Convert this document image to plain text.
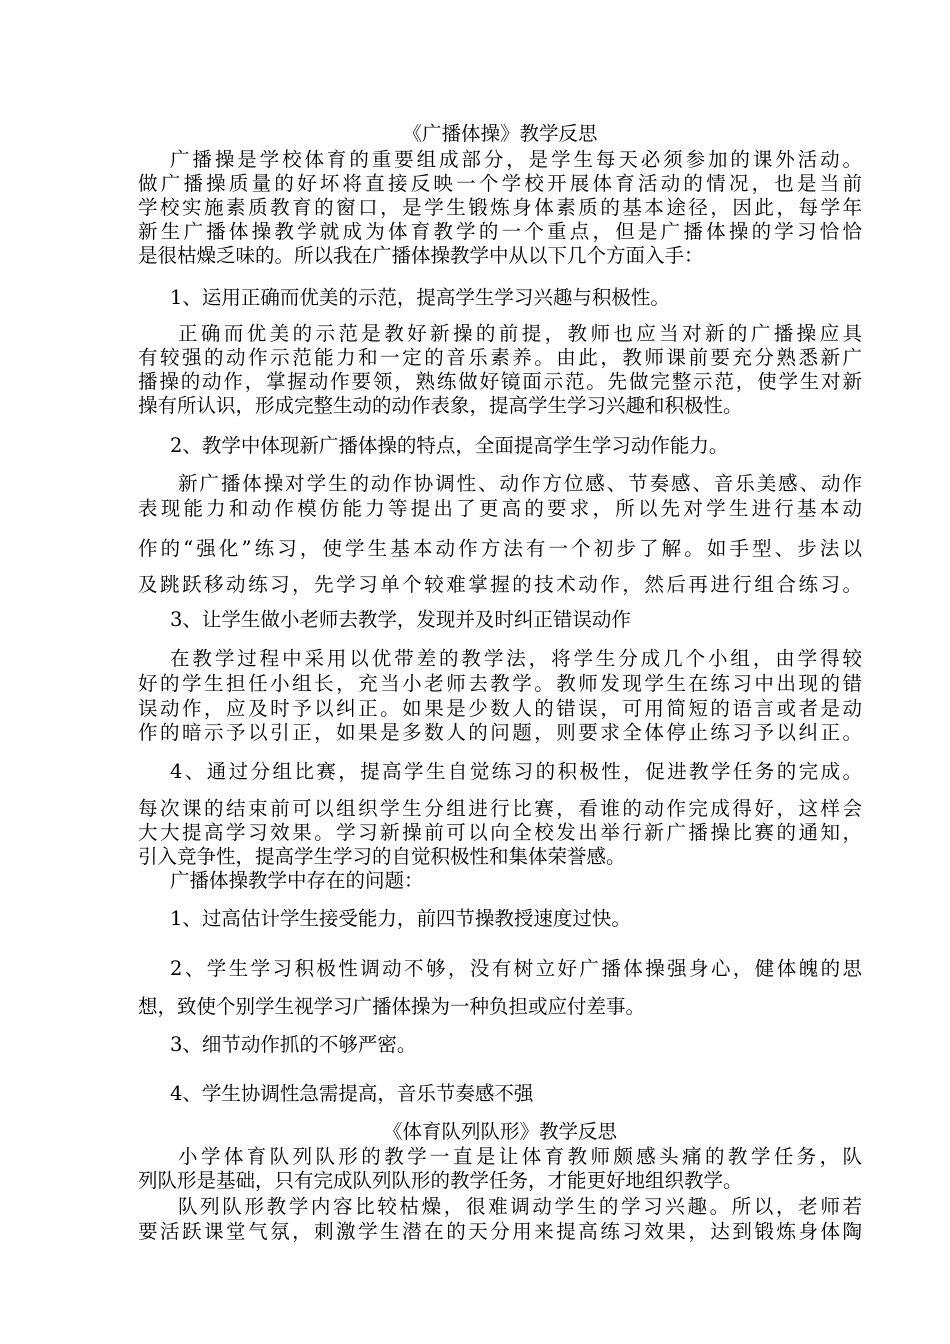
《广播体操》教学反思
广播操是学校体育的重要组成部分，是学生每天必须参加的课外活动。
做广播操质量的好坏将直接反映一个学校开展体育活动的情况，也是当前
学校实施素质教育的窗口，是学生锻炼身体素质的基本途径，因此，每学年
新生广播体操教学就成为体育教学的一个重点，但是广播体操的学习恰恰
是很枯燥乏味的。所以我在广播体操教学中从以下几个方面入手：
1、运用正确而优美的示范，提高学生学习兴趣与积极性。
正确而优美的示范是教好新操的前提，教师也应当对新的广播操应具
有较强的动作示范能力和一定的音乐素养。由此，教师课前要充分熟悉新广
播操的动作，掌握动作要领，熟练做好镜面示范。先做完整示范，使学生对新
操有所认识，形成完整生动的动作表象，提高学生学习兴趣和积极性。
2、教学中体现新广播体操的特点，全面提高学生学习动作能力。
新广播体操对学生的动作协调性、动作方位感、节奏感、音乐美感、动作
表现能力和动作模仿能力等提出了更高的要求，所以先对学生进行基本动
作的“强化”练习，使学生基本动作方法有一个初步了解。如手型、步法以
及跳跃移动练习，先学习单个较难掌握的技术动作，然后再进行组合练习。
3、让学生做小老师去教学，发现并及时纠正错误动作
在教学过程中采用以优带差的教学法，将学生分成几个小组，由学得较
好的学生担任小组长，充当小老师去教学。教师发现学生在练习中出现的错
误动作，应及时予以纠正。如果是少数人的错误，可用简短的语言或者是动
作的暗示予以引正，如果是多数人的问题，则要求全体停止练习予以纠正。
4、通过分组比赛，提高学生自觉练习的积极性，促进教学任务的完成。
每次课的结束前可以组织学生分组进行比赛，看谁的动作完成得好，这样会
大大提高学习效果。学习新操前可以向全校发出举行新广播操比赛的通知，
引入竞争性，提高学生学习的自觉积极性和集体荣誉感。
广播体操教学中存在的问题：
1、过高估计学生接受能力，前四节操教授速度过快。
2、学生学习积极性调动不够，没有树立好广播体操强身心，健体魄的思
想，致使个别学生视学习广播体操为一种负担或应付差事。
3、细节动作抓的不够严密。
4、学生协调性急需提高，音乐节奏感不强
《体育队列队形》教学反思
小学体育队列队形的教学一直是让体育教师颇感头痛的教学任务，队
列队形是基础，只有完成队列队形的教学任务，才能更好地组织教学。
队列队形教学内容比较枯燥，很难调动学生的学习兴趣。所以，老师若
要活跃课堂气氛，刺激学生潜在的天分用来提高练习效果，达到锻炼身体陶
